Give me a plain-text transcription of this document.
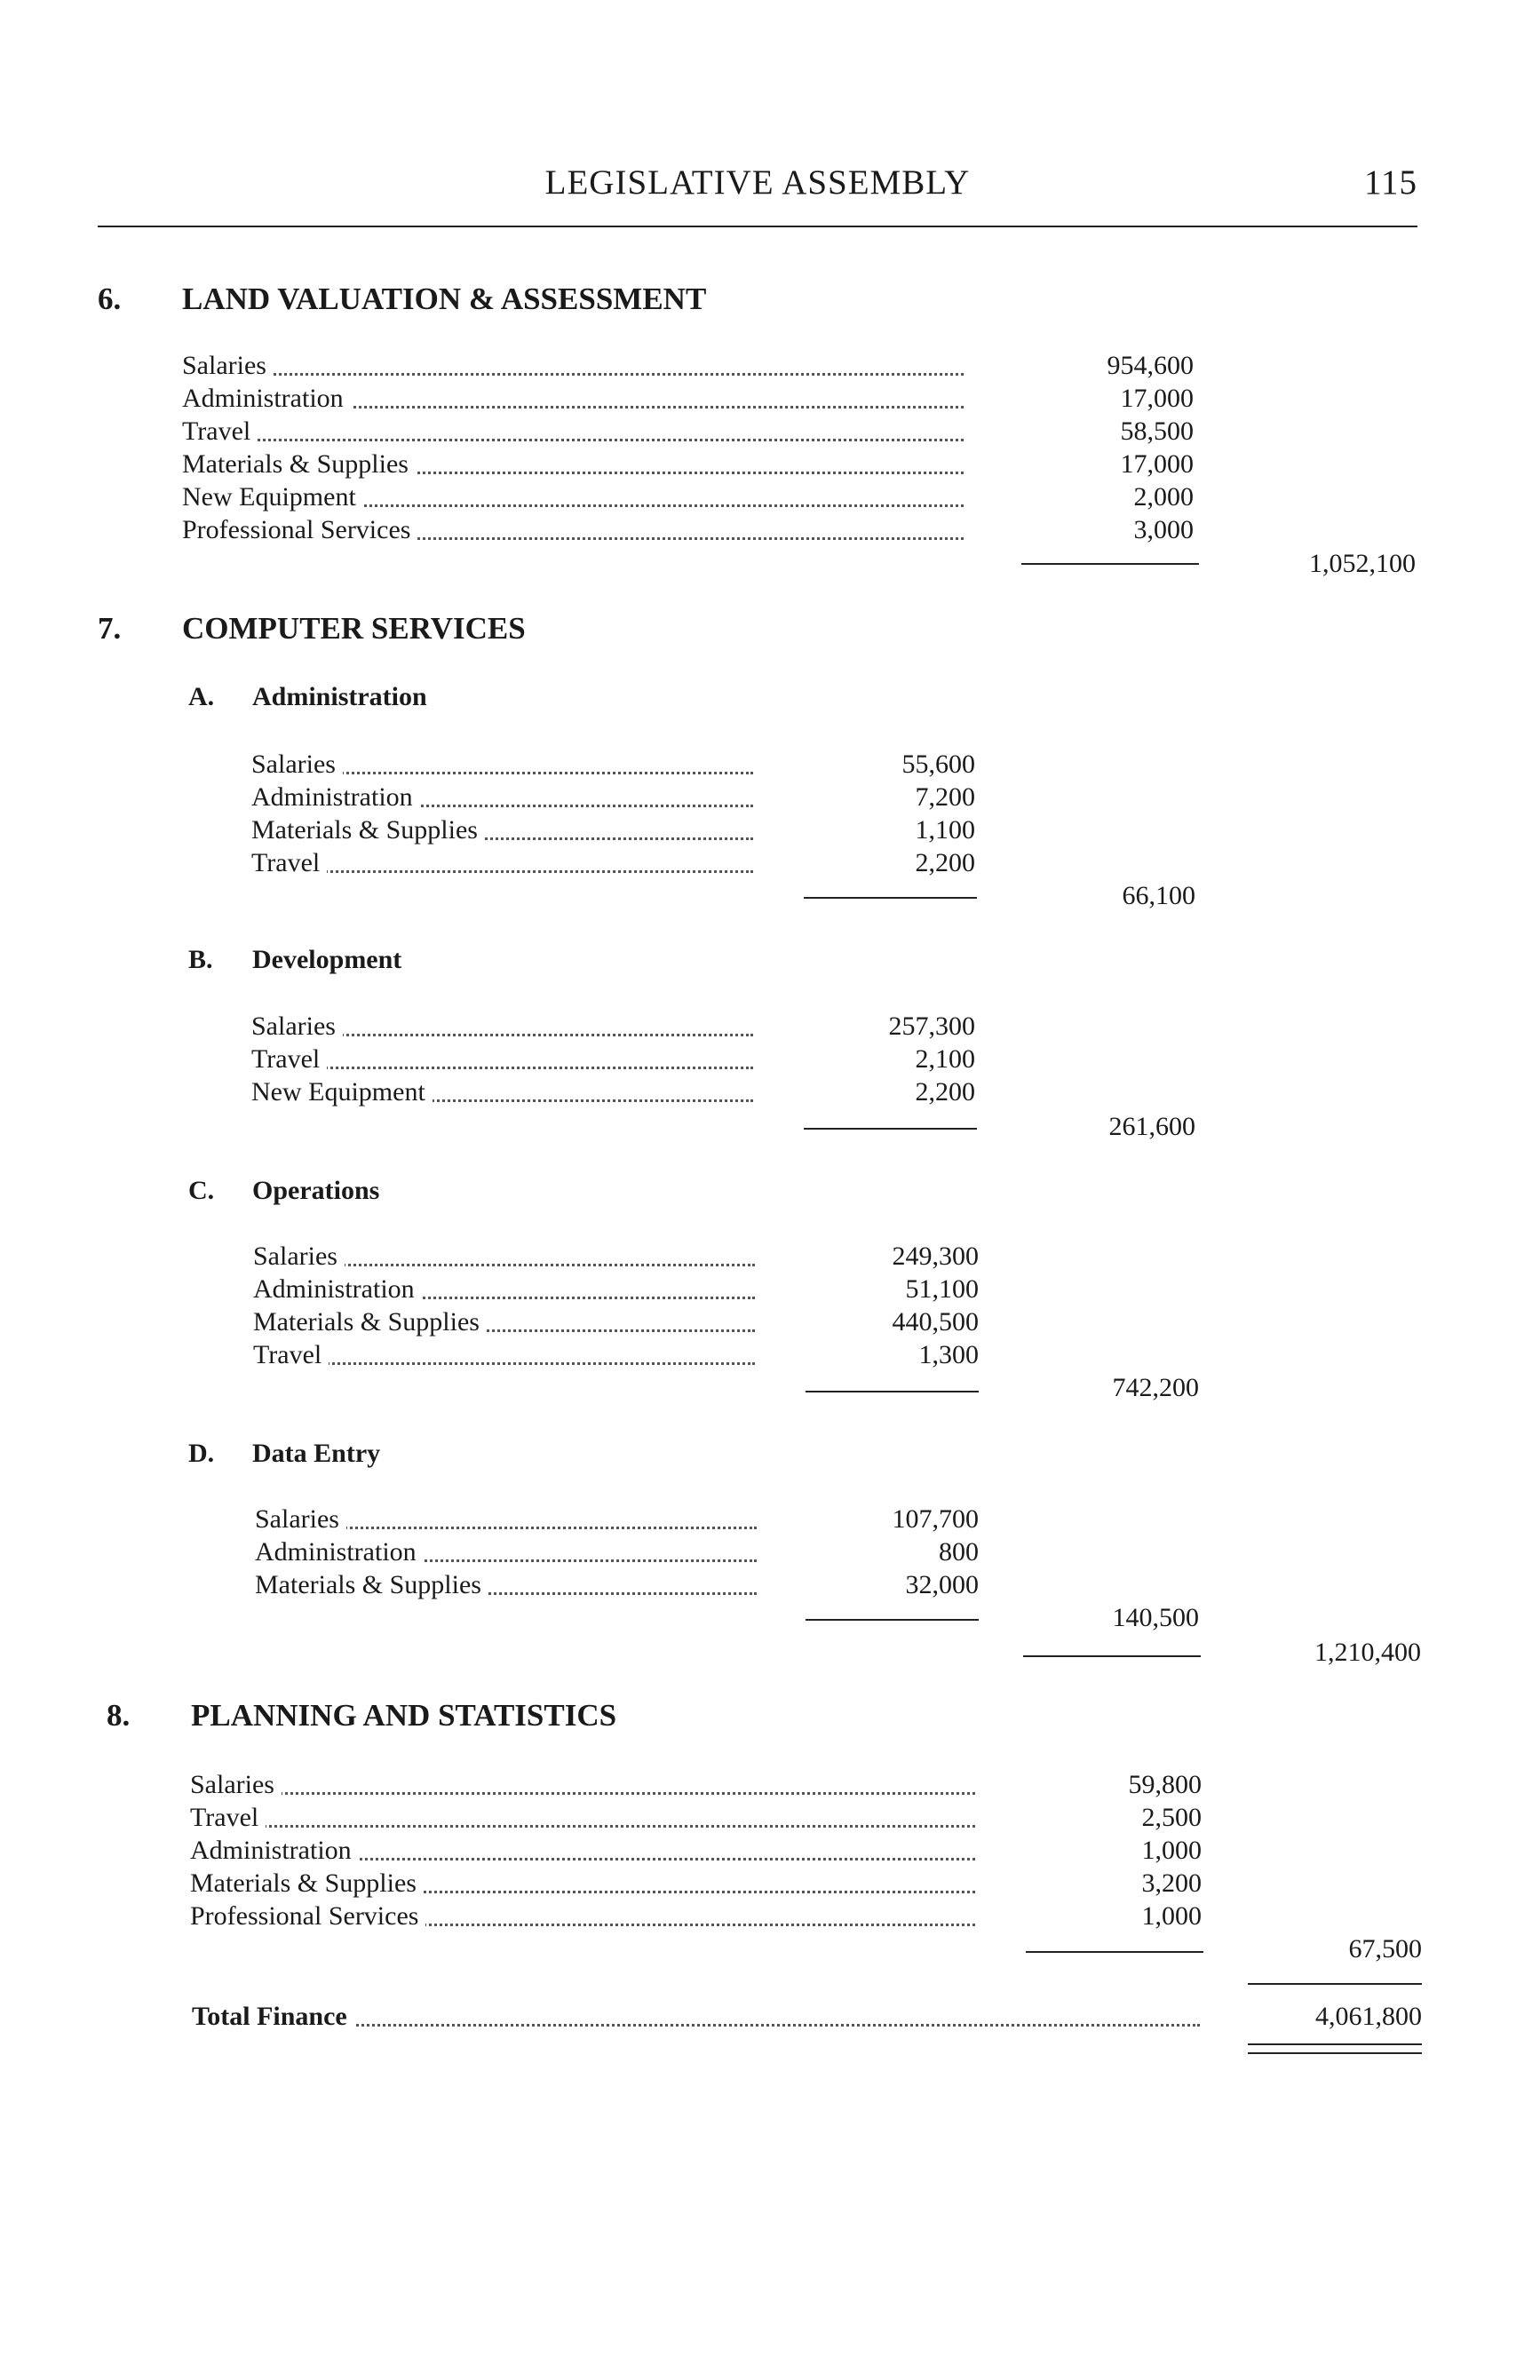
LEGISLATIVE ASSEMBLY	115
6. LAND VALUATION & ASSESSMENT
Salaries	954,600
Administration	17,000
Travel	58,500
Materials & Supplies	17,000
New Equipment	2,000
Professional Services	3,000
1,052,100
7. COMPUTER SERVICES
A. Administration
Salaries	55,600
Administration	7,200
Materials & Supplies	1,100
Travel	2,200
66,100
B. Development
Salaries	257,300
Travel	2,100
New Equipment	2,200
261,600
C. Operations
Salaries	249,300
Administration	51,100
Materials & Supplies	440,500
Travel	1,300
742,200
D. Data Entry
Salaries	107,700
Administration	800
Materials & Supplies	32,000
140,500
1,210,400
8. PLANNING AND STATISTICS
Salaries	59,800
Travel	2,500
Administration	1,000
Materials & Supplies	3,200
Professional Services	1,000
67,500
Total Finance	4,061,800
